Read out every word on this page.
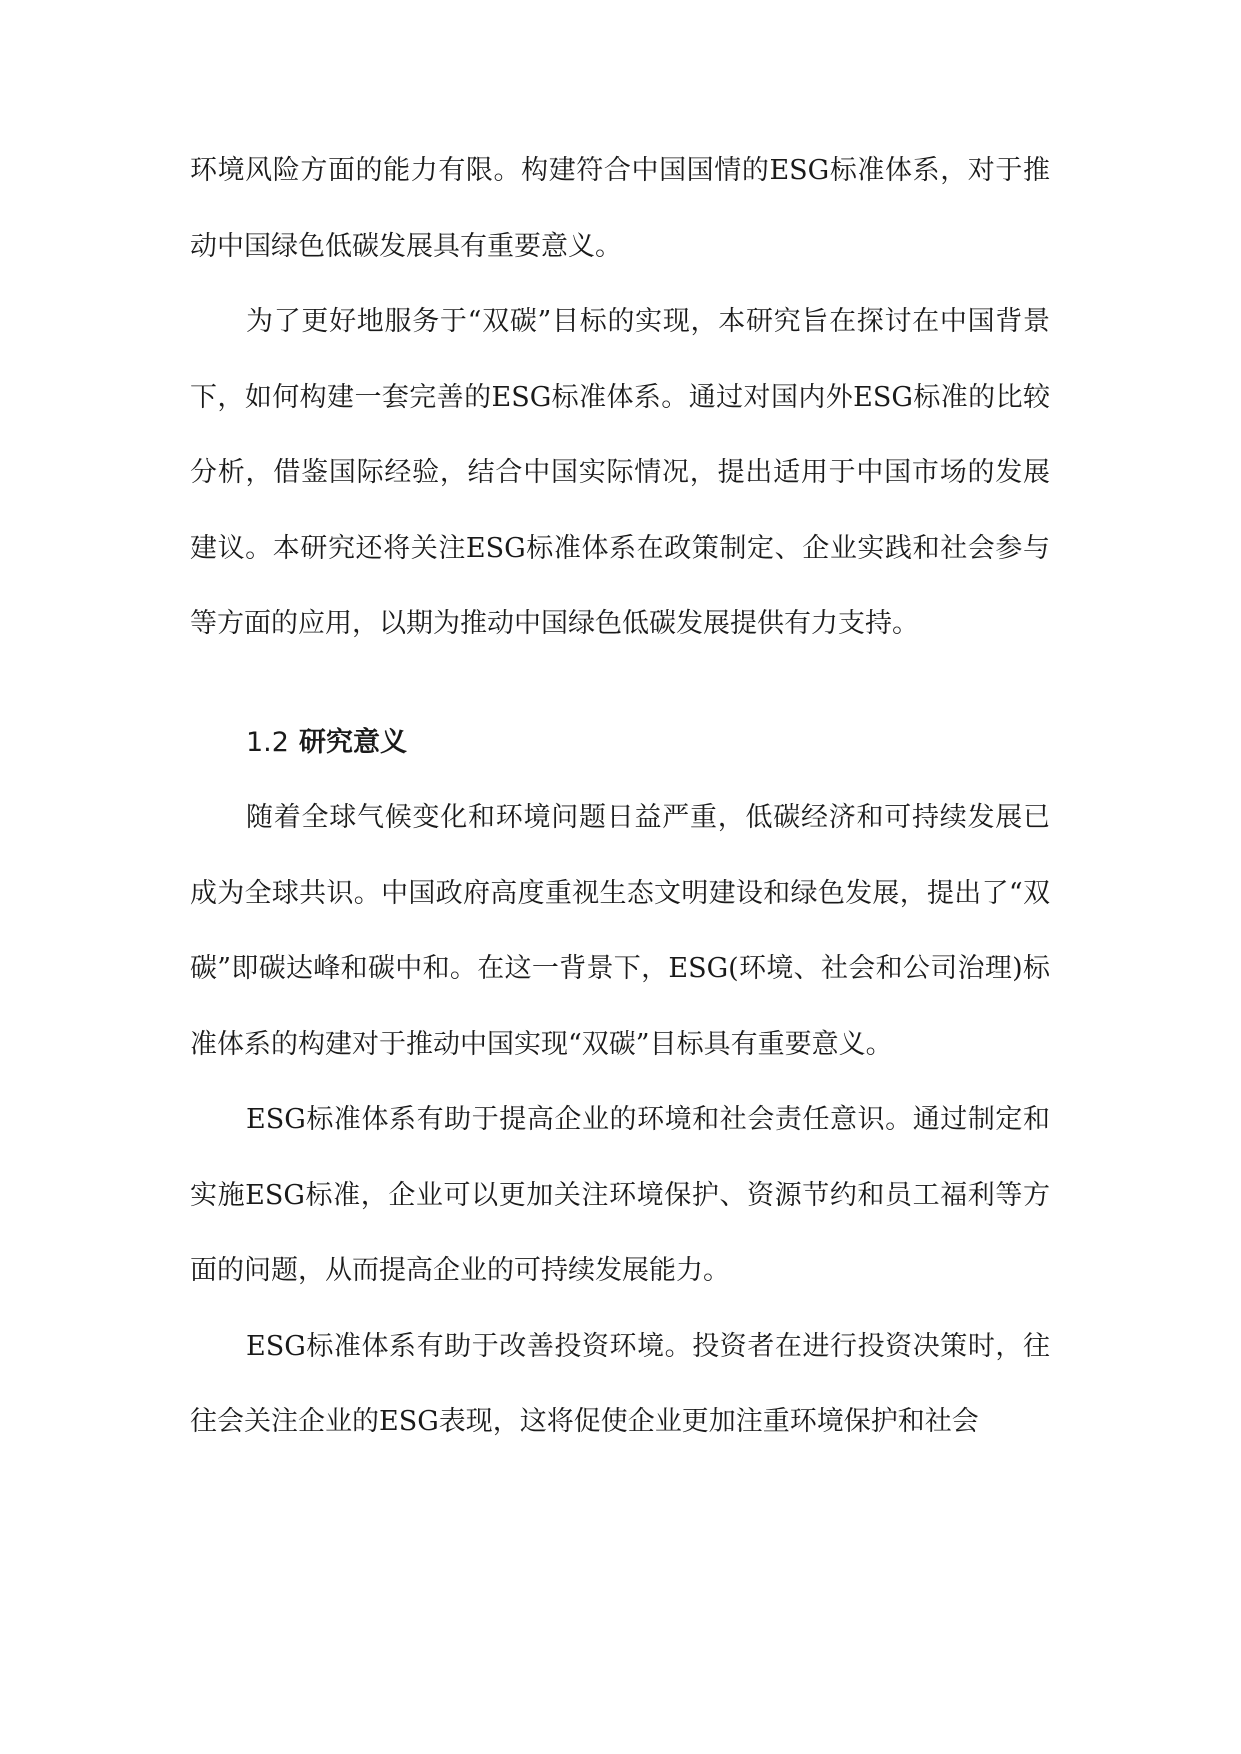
环境风险方面的能力有限。构建符合中国国情的ESG标准体系，对于推动中国绿色低碳发展具有重要意义。

为了更好地服务于“双碳”目标的实现，本研究旨在探讨在中国背景下，如何构建一套完善的ESG标准体系。通过对国内外ESG标准的比较分析，借鉴国际经验，结合中国实际情况，提出适用于中国市场的发展建议。本研究还将关注ESG标准体系在政策制定、企业实践和社会参与等方面的应用，以期为推动中国绿色低碳发展提供有力支持。

1.2 研究意义

随着全球气候变化和环境问题日益严重，低碳经济和可持续发展已成为全球共识。中国政府高度重视生态文明建设和绿色发展，提出了“双碳”即碳达峰和碳中和。在这一背景下，ESG(环境、社会和公司治理)标准体系的构建对于推动中国实现“双碳”目标具有重要意义。

ESG标准体系有助于提高企业的环境和社会责任意识。通过制定和实施ESG标准，企业可以更加关注环境保护、资源节约和员工福利等方面的问题，从而提高企业的可持续发展能力。

ESG标准体系有助于改善投资环境。投资者在进行投资决策时，往往会关注企业的ESG表现，这将促使企业更加注重环境保护和社会
